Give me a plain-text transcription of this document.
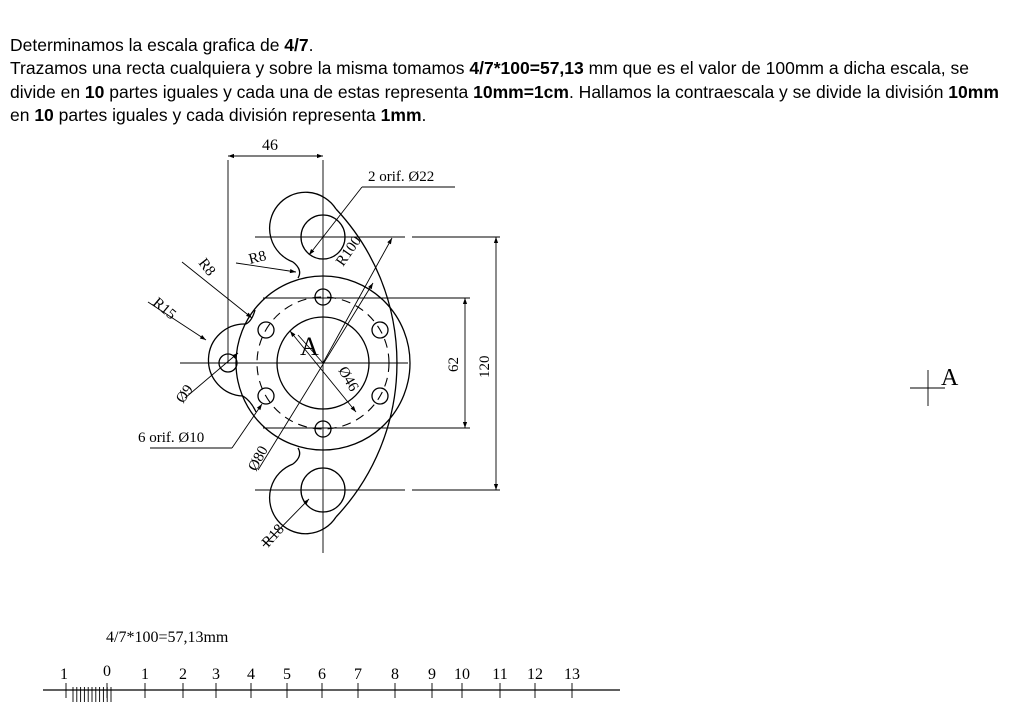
Determinamos la escala grafica de 4/7.

Trazamos una recta cualquiera y sobre la misma tomamos 4/7*100=57,13 mm que es el valor de 100mm a dicha escala, se divide en 10 partes iguales y cada una de estas representa 10mm=1cm. Hallamos la contraescala y se divide la división 10mm en 10 partes iguales y cada división representa 1mm.

46
2 orif. Ø22
R8
R8	R100
R15
A
Ø46	62 120
Ø9
6 orif. Ø10
Ø80
R18
A
4/7*100=57,13mm
1 0 1 2 3 4 5 6 7 8 9 10 11 12 13
